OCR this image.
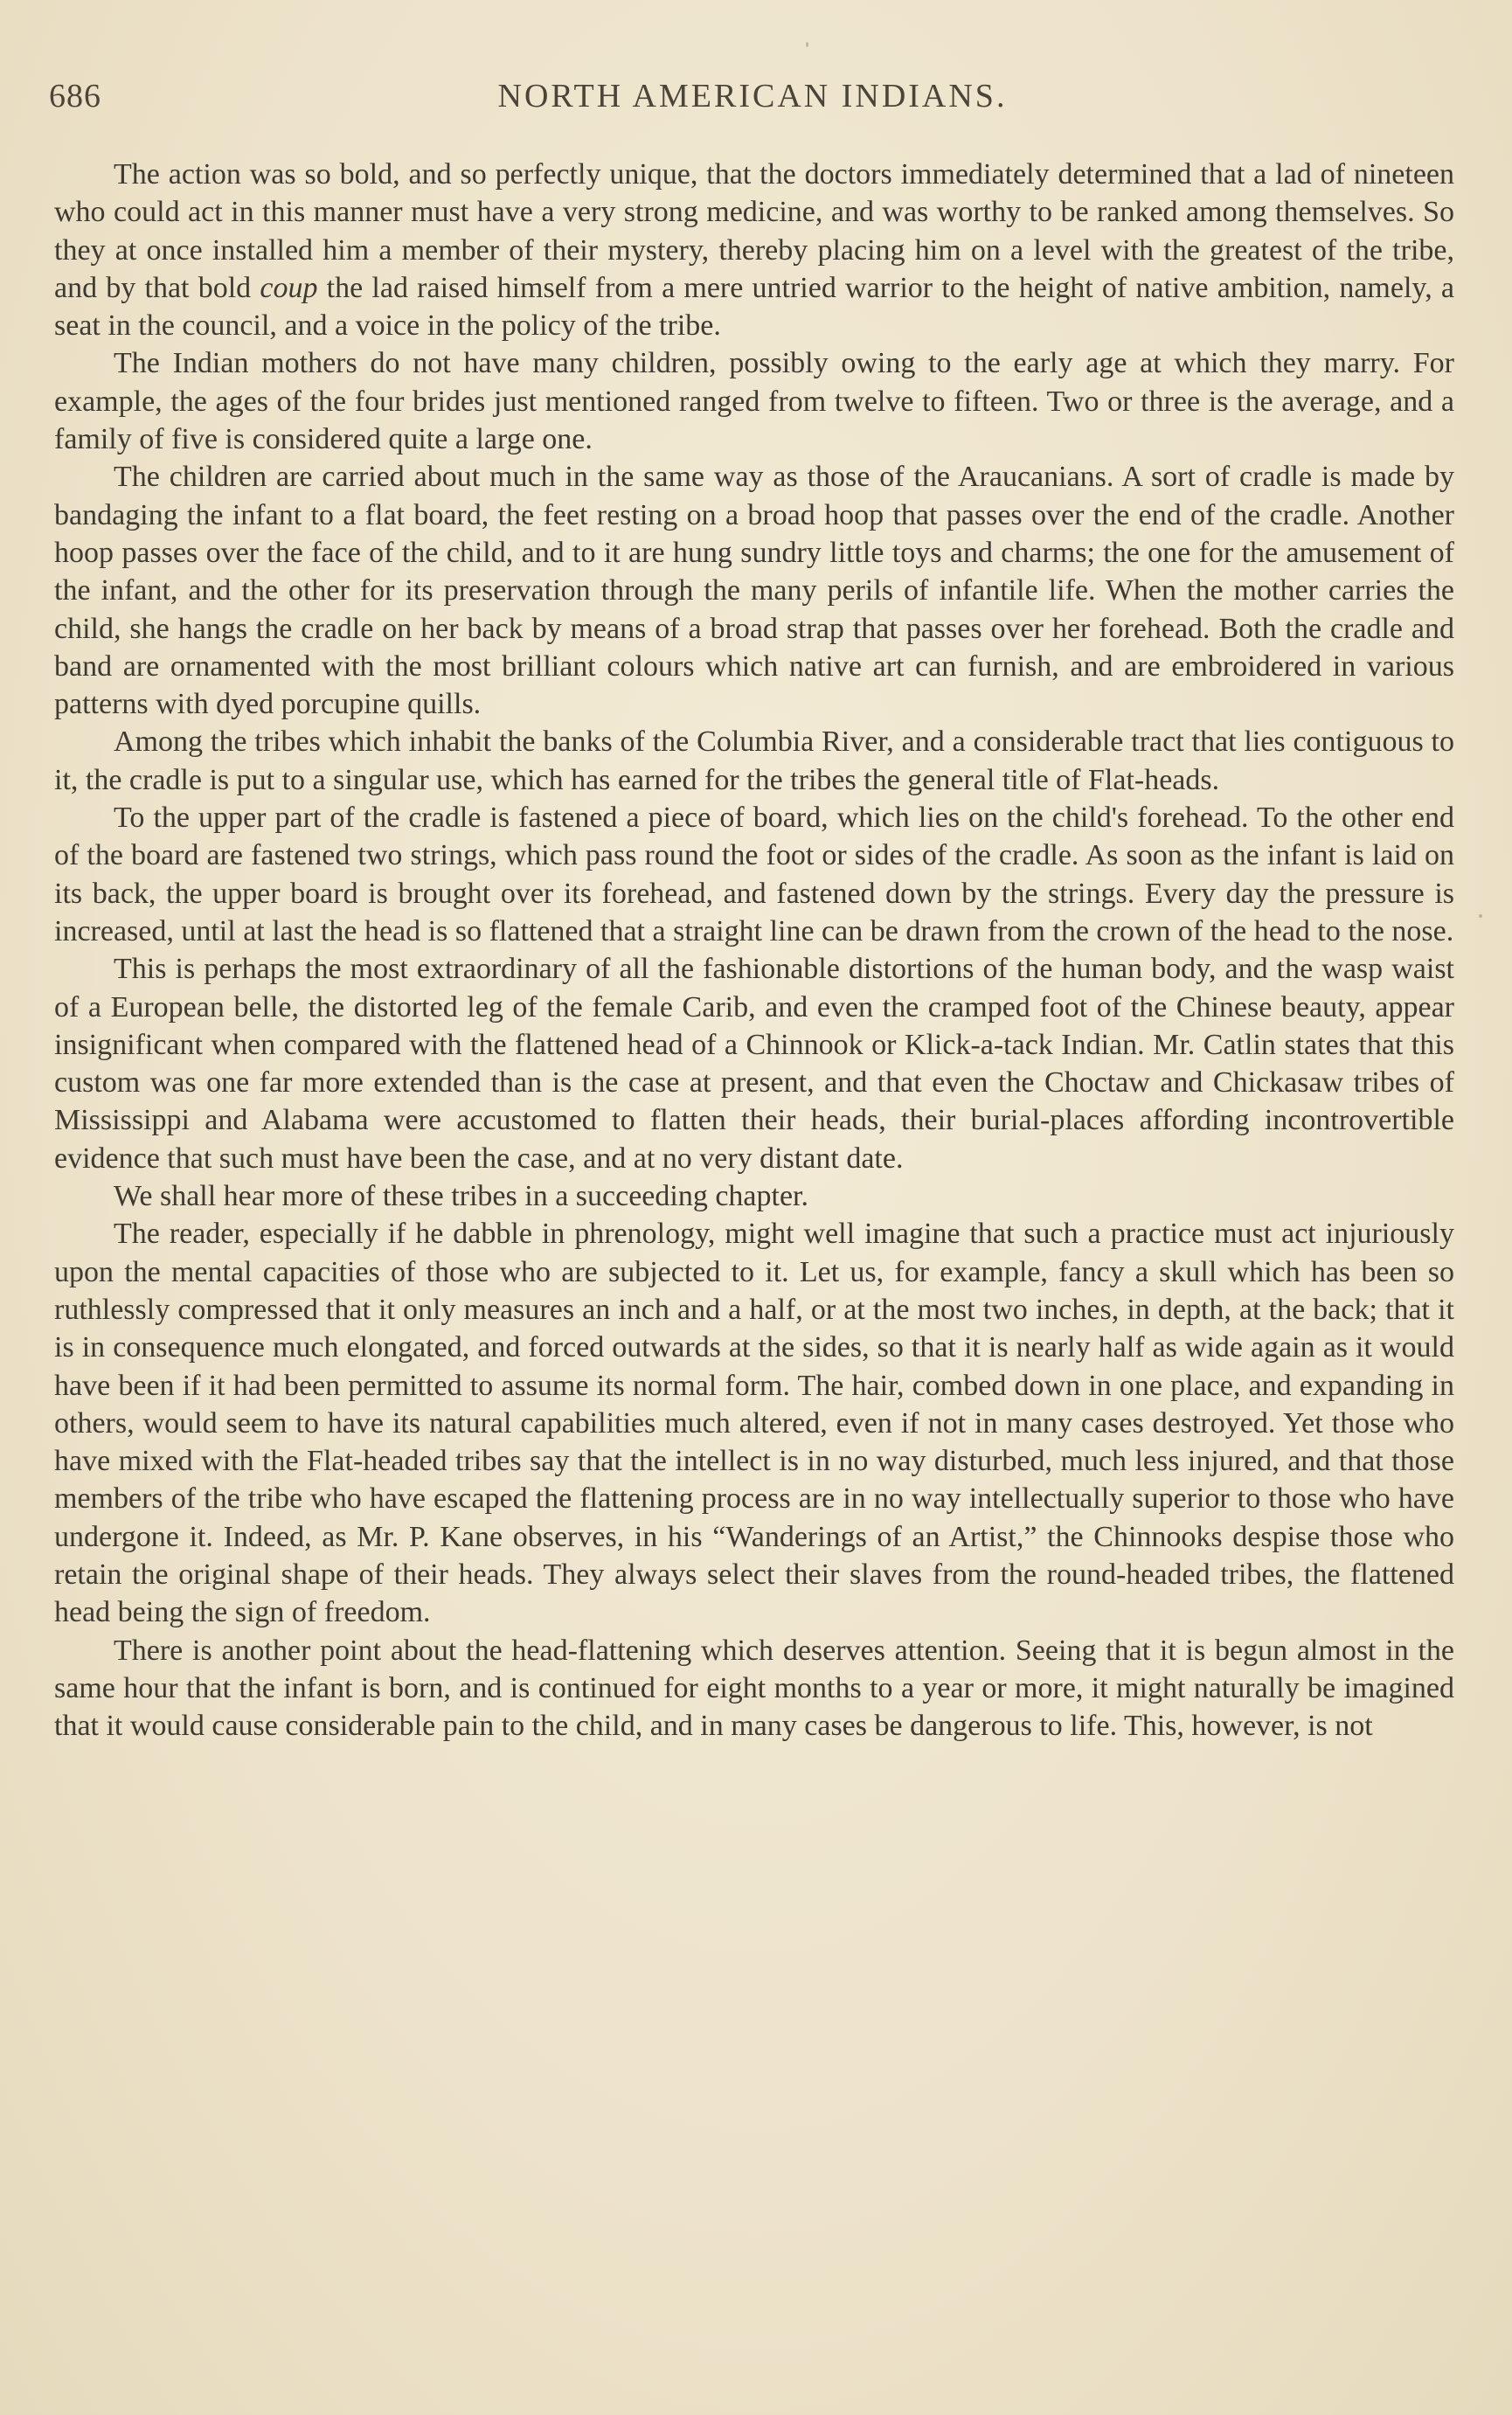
686	NORTH AMERICAN INDIANS.

The action was so bold, and so perfectly unique, that the doctors immediately determined that a lad of nineteen who could act in this manner must have a very strong medicine, and was worthy to be ranked among themselves. So they at once installed him a member of their mystery, thereby placing him on a level with the greatest of the tribe, and by that bold coup the lad raised himself from a mere untried warrior to the height of native ambition, namely, a seat in the council, and a voice in the policy of the tribe.

The Indian mothers do not have many children, possibly owing to the early age at which they marry. For example, the ages of the four brides just mentioned ranged from twelve to fifteen. Two or three is the average, and a family of five is considered quite a large one.

The children are carried about much in the same way as those of the Araucanians. A sort of cradle is made by bandaging the infant to a flat board, the feet resting on a broad hoop that passes over the end of the cradle. Another hoop passes over the face of the child, and to it are hung sundry little toys and charms; the one for the amusement of the infant, and the other for its preservation through the many perils of infantile life. When the mother carries the child, she hangs the cradle on her back by means of a broad strap that passes over her forehead. Both the cradle and band are ornamented with the most brilliant colours which native art can furnish, and are embroidered in various patterns with dyed porcupine quills.

Among the tribes which inhabit the banks of the Columbia River, and a considerable tract that lies contiguous to it, the cradle is put to a singular use, which has earned for the tribes the general title of Flat-heads.

To the upper part of the cradle is fastened a piece of board, which lies on the child's forehead. To the other end of the board are fastened two strings, which pass round the foot or sides of the cradle. As soon as the infant is laid on its back, the upper board is brought over its forehead, and fastened down by the strings. Every day the pressure is increased, until at last the head is so flattened that a straight line can be drawn from the crown of the head to the nose.

This is perhaps the most extraordinary of all the fashionable distortions of the human body, and the wasp waist of a European belle, the distorted leg of the female Carib, and even the cramped foot of the Chinese beauty, appear insignificant when compared with the flattened head of a Chinnook or Klick-a-tack Indian. Mr. Catlin states that this custom was one far more extended than is the case at present, and that even the Choctaw and Chickasaw tribes of Mississippi and Alabama were accustomed to flatten their heads, their burial-places affording incontrovertible evidence that such must have been the case, and at no very distant date.

We shall hear more of these tribes in a succeeding chapter.

The reader, especially if he dabble in phrenology, might well imagine that such a practice must act injuriously upon the mental capacities of those who are subjected to it. Let us, for example, fancy a skull which has been so ruthlessly compressed that it only measures an inch and a half, or at the most two inches, in depth, at the back; that it is in consequence much elongated, and forced outwards at the sides, so that it is nearly half as wide again as it would have been if it had been permitted to assume its normal form. The hair, combed down in one place, and expanding in others, would seem to have its natural capabilities much altered, even if not in many cases destroyed. Yet those who have mixed with the Flat-headed tribes say that the intellect is in no way disturbed, much less injured, and that those members of the tribe who have escaped the flattening process are in no way intellectually superior to those who have undergone it. Indeed, as Mr. P. Kane observes, in his “Wanderings of an Artist,” the Chinnooks despise those who retain the original shape of their heads. They always select their slaves from the round-headed tribes, the flattened head being the sign of freedom.

There is another point about the head-flattening which deserves attention. Seeing that it is begun almost in the same hour that the infant is born, and is continued for eight months to a year or more, it might naturally be imagined that it would cause considerable pain to the child, and in many cases be dangerous to life. This, however, is not
